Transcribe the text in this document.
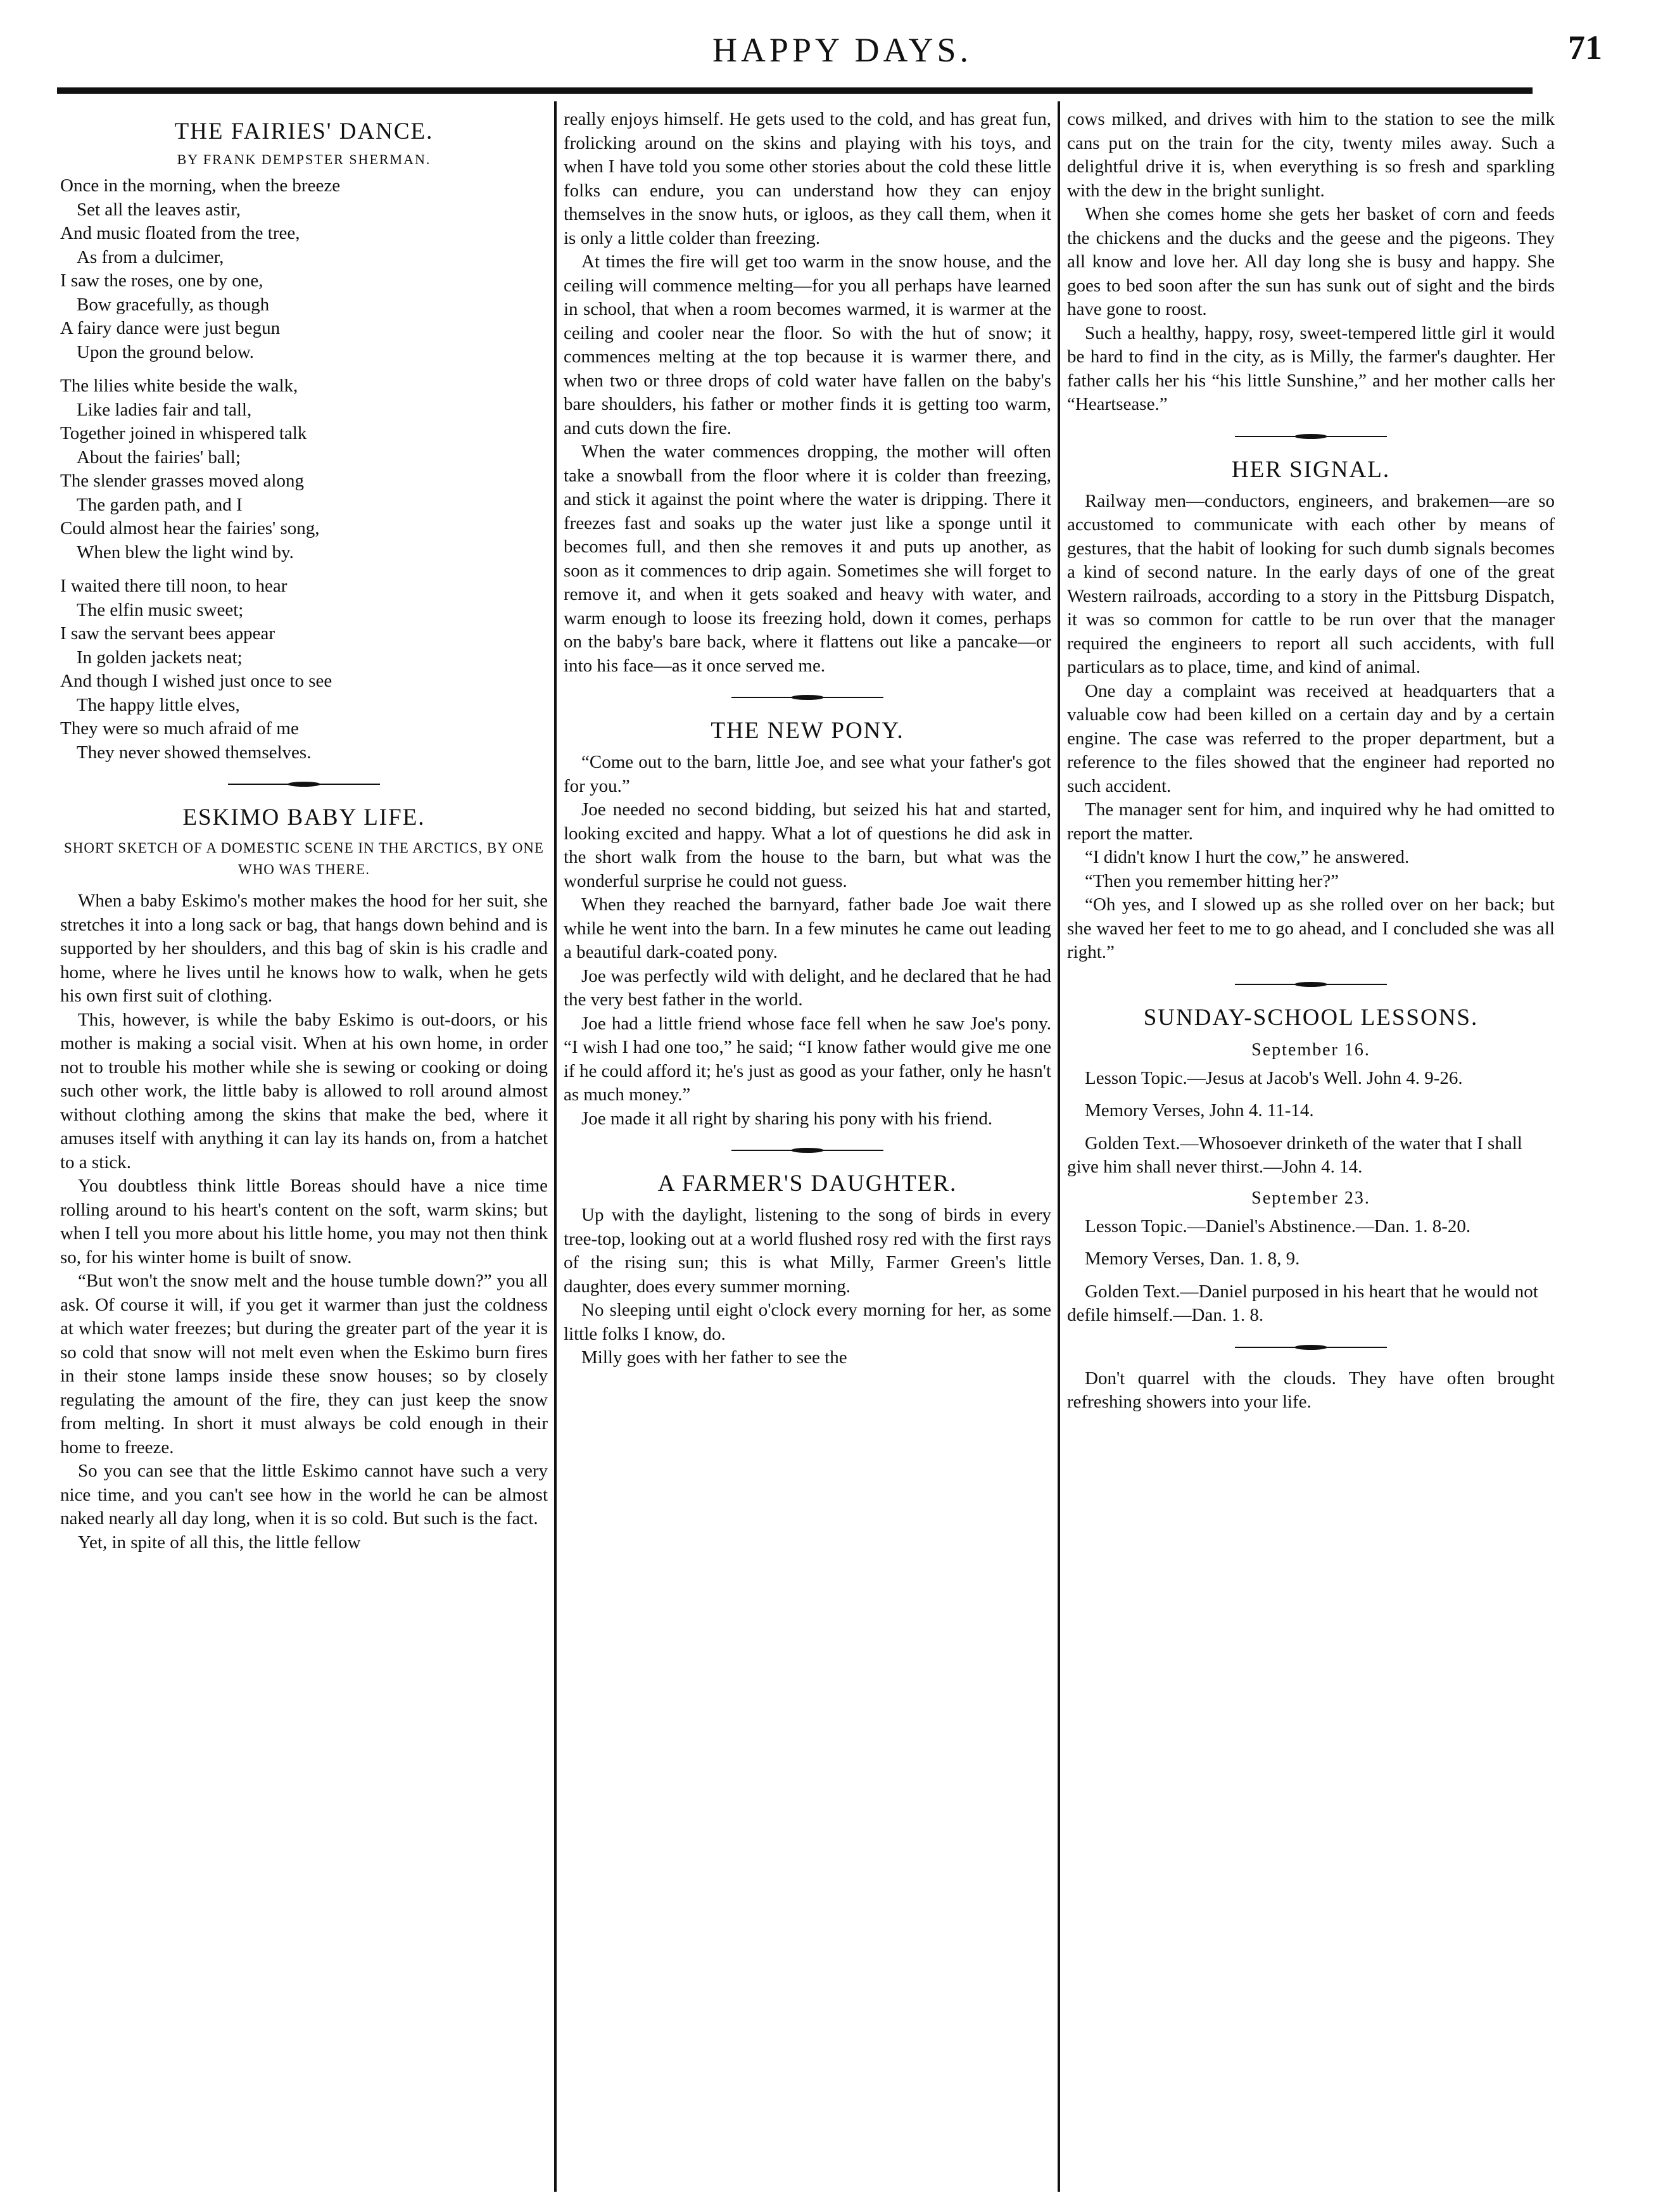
HAPPY DAYS.	71
THE FAIRIES' DANCE.
BY FRANK DEMPSTER SHERMAN.
Once in the morning, when the breeze
Set all the leaves astir,
And music floated from the tree,
As from a dulcimer,
I saw the roses, one by one,
Bow gracefully, as though
A fairy dance were just begun
Upon the ground below.
The lilies white beside the walk,
Like ladies fair and tall,
Together joined in whispered talk
About the fairies' ball;
The slender grasses moved along
The garden path, and I
Could almost hear the fairies' song,
When blew the light wind by.
I waited there till noon, to hear
The elfin music sweet;
I saw the servant bees appear
In golden jackets neat;
And though I wished just once to see
The happy little elves,
They were so much afraid of me
They never showed themselves.
ESKIMO BABY LIFE.
SHORT SKETCH OF A DOMESTIC SCENE IN THE ARCTICS, BY ONE WHO WAS THERE.

When a baby Eskimo's mother makes the hood for her suit, she stretches it into a long sack or bag, that hangs down behind and is supported by her shoulders, and this bag of skin is his cradle and home, where he lives until he knows how to walk, when he gets his own first suit of clothing.

This, however, is while the baby Eskimo is out-doors, or his mother is making a social visit. When at his own home, in order not to trouble his mother while she is sewing or cooking or doing such other work, the little baby is allowed to roll around almost without clothing among the skins that make the bed, where it amuses itself with anything it can lay its hands on, from a hatchet to a stick.

You doubtless think little Boreas should have a nice time rolling around to his heart's content on the soft, warm skins; but when I tell you more about his little home, you may not then think so, for his winter home is built of snow.

“But won't the snow melt and the house tumble down?” you all ask. Of course it will, if you get it warmer than just the coldness at which water freezes; but during the greater part of the year it is so cold that snow will not melt even when the Eskimo burn fires in their stone lamps inside these snow houses; so by closely regulating the amount of the fire, they can just keep the snow from melting. In short it must always be cold enough in their home to freeze.

So you can see that the little Eskimo cannot have such a very nice time, and you can't see how in the world he can be almost naked nearly all day long, when it is so cold. But such is the fact.

Yet, in spite of all this, the little fellow

really enjoys himself. He gets used to the cold, and has great fun, frolicking around on the skins and playing with his toys, and when I have told you some other stories about the cold these little folks can endure, you can understand how they can enjoy themselves in the snow huts, or igloos, as they call them, when it is only a little colder than freezing.

At times the fire will get too warm in the snow house, and the ceiling will commence melting—for you all perhaps have learned in school, that when a room becomes warmed, it is warmer at the ceiling and cooler near the floor. So with the hut of snow; it commences melting at the top because it is warmer there, and when two or three drops of cold water have fallen on the baby's bare shoulders, his father or mother finds it is getting too warm, and cuts down the fire.

When the water commences dropping, the mother will often take a snowball from the floor where it is colder than freezing, and stick it against the point where the water is dripping. There it freezes fast and soaks up the water just like a sponge until it becomes full, and then she removes it and puts up another, as soon as it commences to drip again. Sometimes she will forget to remove it, and when it gets soaked and heavy with water, and warm enough to loose its freezing hold, down it comes, perhaps on the baby's bare back, where it flattens out like a pancake—or into his face—as it once served me.

THE NEW PONY.

“Come out to the barn, little Joe, and see what your father's got for you.”

Joe needed no second bidding, but seized his hat and started, looking excited and happy. What a lot of questions he did ask in the short walk from the house to the barn, but what was the wonderful surprise he could not guess.

When they reached the barnyard, father bade Joe wait there while he went into the barn. In a few minutes he came out leading a beautiful dark-coated pony.

Joe was perfectly wild with delight, and he declared that he had the very best father in the world.

Joe had a little friend whose face fell when he saw Joe's pony. “I wish I had one too,” he said; “I know father would give me one if he could afford it; he's just as good as your father, only he hasn't as much money.”

Joe made it all right by sharing his pony with his friend.

A FARMER'S DAUGHTER.

Up with the daylight, listening to the song of birds in every tree-top, looking out at a world flushed rosy red with the first rays of the rising sun; this is what Milly, Farmer Green's little daughter, does every summer morning.

No sleeping until eight o'clock every morning for her, as some little folks I know, do.

Milly goes with her father to see the

cows milked, and drives with him to the station to see the milk cans put on the train for the city, twenty miles away. Such a delightful drive it is, when everything is so fresh and sparkling with the dew in the bright sunlight.

When she comes home she gets her basket of corn and feeds the chickens and the ducks and the geese and the pigeons. They all know and love her. All day long she is busy and happy. She goes to bed soon after the sun has sunk out of sight and the birds have gone to roost.

Such a healthy, happy, rosy, sweet-tempered little girl it would be hard to find in the city, as is Milly, the farmer's daughter. Her father calls her his “his little Sunshine,” and her mother calls her “Heartsease.”

HER SIGNAL.

Railway men—conductors, engineers, and brakemen—are so accustomed to communicate with each other by means of gestures, that the habit of looking for such dumb signals becomes a kind of second nature. In the early days of one of the great Western railroads, according to a story in the Pittsburg Dispatch, it was so common for cattle to be run over that the manager required the engineers to report all such accidents, with full particulars as to place, time, and kind of animal.

One day a complaint was received at headquarters that a valuable cow had been killed on a certain day and by a certain engine. The case was referred to the proper department, but a reference to the files showed that the engineer had reported no such accident.

The manager sent for him, and inquired why he had omitted to report the matter.

“I didn't know I hurt the cow,” he answered.

“Then you remember hitting her?”

“Oh yes, and I slowed up as she rolled over on her back; but she waved her feet to me to go ahead, and I concluded she was all right.”

SUNDAY-SCHOOL LESSONS.
September 16.
Lesson Topic.—Jesus at Jacob's Well. John 4. 9-26.
Memory Verses, John 4. 11-14.
Golden Text.—Whosoever drinketh of the water that I shall give him shall never thirst.—John 4. 14.
September 23.
Lesson Topic.—Daniel's Abstinence.—Dan. 1. 8-20.
Memory Verses, Dan. 1. 8, 9.
Golden Text.—Daniel purposed in his heart that he would not defile himself.—Dan. 1. 8.

Don't quarrel with the clouds. They have often brought refreshing showers into your life.
